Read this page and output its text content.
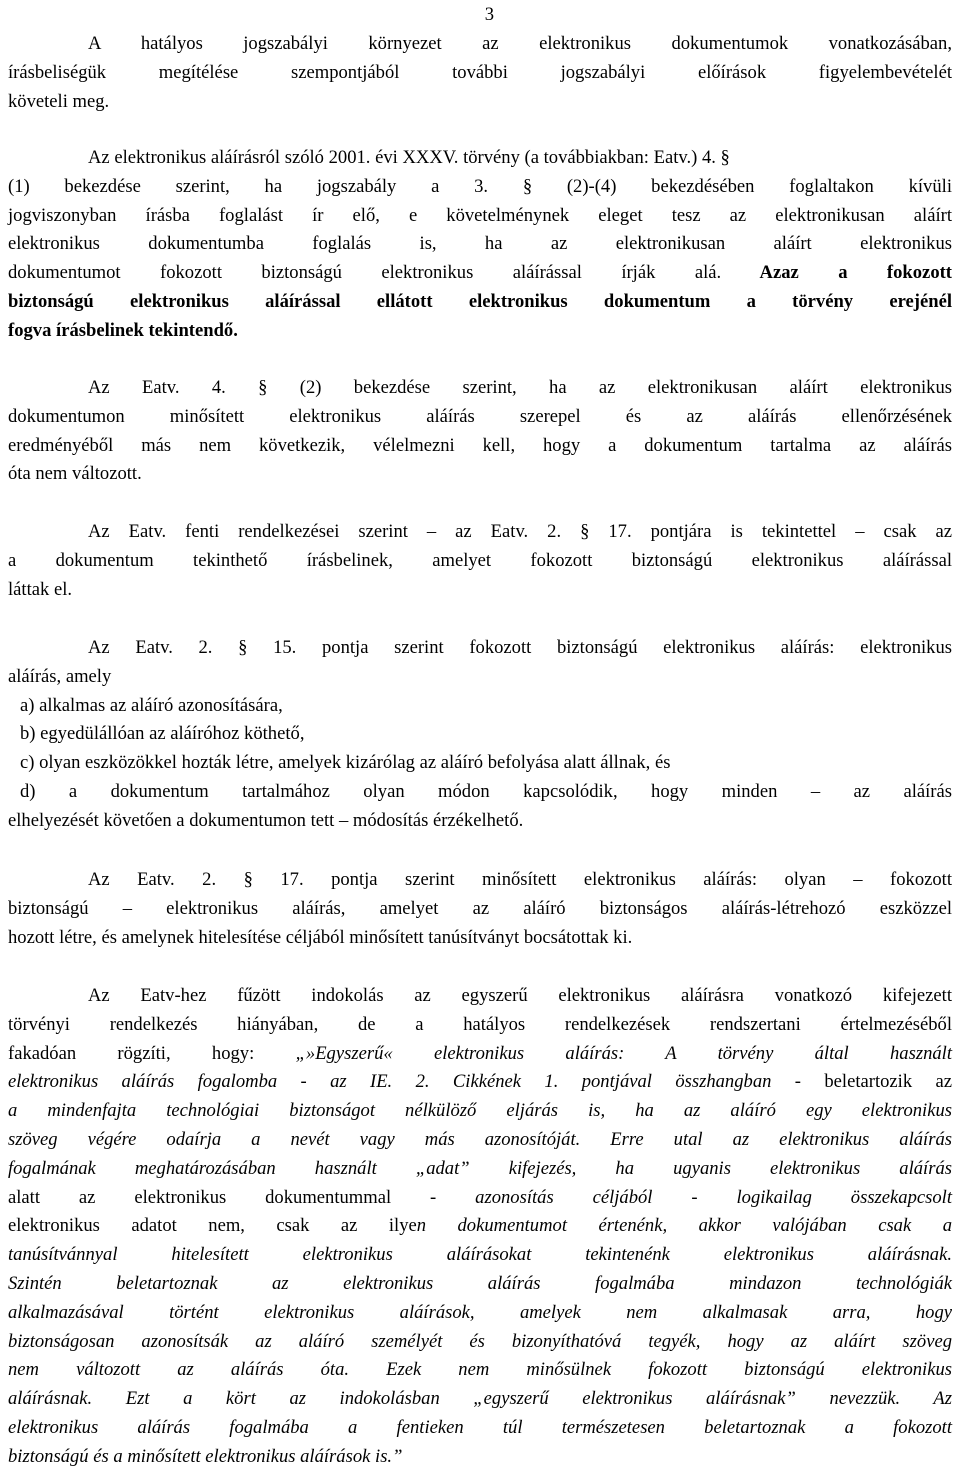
3
A hatályos jogszabályi környezet az elektronikus dokumentumok vonatkozásában,
írásbeliségük megítélése szempontjából további jogszabályi előírások figyelembevételét
követeli meg.
Az elektronikus aláírásról szóló 2001. évi XXXV. törvény (a továbbiakban: Eatv.) 4. §
(1) bekezdése szerint, ha jogszabály a 3. § (2)-(4) bekezdésében foglaltakon kívüli
jogviszonyban írásba foglalást ír elő, e követelménynek eleget tesz az elektronikusan aláírt
elektronikus dokumentumba foglalás is, ha az elektronikusan aláírt elektronikus
dokumentumot fokozott biztonságú elektronikus aláírással írják alá. Azaz a fokozott
biztonságú elektronikus aláírással ellátott elektronikus dokumentum a törvény erejénél
fogva írásbelinek tekintendő.
Az Eatv. 4. § (2) bekezdése szerint, ha az elektronikusan aláírt elektronikus
dokumentumon minősített elektronikus aláírás szerepel és az aláírás ellenőrzésének
eredményéből más nem következik, vélelmezni kell, hogy a dokumentum tartalma az aláírás
óta nem változott.
Az Eatv. fenti rendelkezései szerint – az Eatv. 2. § 17. pontjára is tekintettel – csak az
a dokumentum tekinthető írásbelinek, amelyet fokozott biztonságú elektronikus aláírással
láttak el.
Az Eatv. 2. § 15. pontja szerint fokozott biztonságú elektronikus aláírás: elektronikus
aláírás, amely
a) alkalmas az aláíró azonosítására,
b) egyedülállóan az aláíróhoz köthető,
c) olyan eszközökkel hozták létre, amelyek kizárólag az aláíró befolyása alatt állnak, és
d) a dokumentum tartalmához olyan módon kapcsolódik, hogy minden – az aláírás
elhelyezését követően a dokumentumon tett – módosítás érzékelhető.
Az Eatv. 2. § 17. pontja szerint minősített elektronikus aláírás: olyan – fokozott
biztonságú – elektronikus aláírás, amelyet az aláíró biztonságos aláírás-létrehozó eszközzel
hozott létre, és amelynek hitelesítése céljából minősített tanúsítványt bocsátottak ki.
Az Eatv-hez fűzött indokolás az egyszerű elektronikus aláírásra vonatkozó kifejezett
törvényi rendelkezés hiányában, de a hatályos rendelkezések rendszertani értelmezéséből
fakadóan rögzíti, hogy: „»Egyszerű« elektronikus aláírás: A törvény által használt
elektronikus aláírás fogalomba - az IE. 2. Cikkének 1. pontjával összhangban - beletartozik az
a mindenfajta technológiai biztonságot nélkülöző eljárás is, ha az aláíró egy elektronikus
szöveg végére odaírja a nevét vagy más azonosítóját. Erre utal az elektronikus aláírás
fogalmának meghatározásában használt „adat” kifejezés, ha ugyanis elektronikus aláírás
alatt az elektronikus dokumentummal - azonosítás céljából - logikailag összekapcsolt
elektronikus adatot nem, csak az ilyen dokumentumot értenénk, akkor valójában csak a
tanúsítvánnyal hitelesített elektronikus aláírásokat tekintenénk elektronikus aláírásnak.
Szintén beletartoznak az elektronikus aláírás fogalmába mindazon technológiák
alkalmazásával történt elektronikus aláírások, amelyek nem alkalmasak arra, hogy
biztonságosan azonosítsák az aláíró személyét és bizonyíthatóvá tegyék, hogy az aláírt szöveg
nem változott az aláírás óta. Ezek nem minősülnek fokozott biztonságú elektronikus
aláírásnak. Ezt a kört az indokolásban „egyszerű elektronikus aláírásnak” nevezzük. Az
elektronikus aláírás fogalmába a fentieken túl természetesen beletartoznak a fokozott
biztonságú és a minősített elektronikus aláírások is.”
